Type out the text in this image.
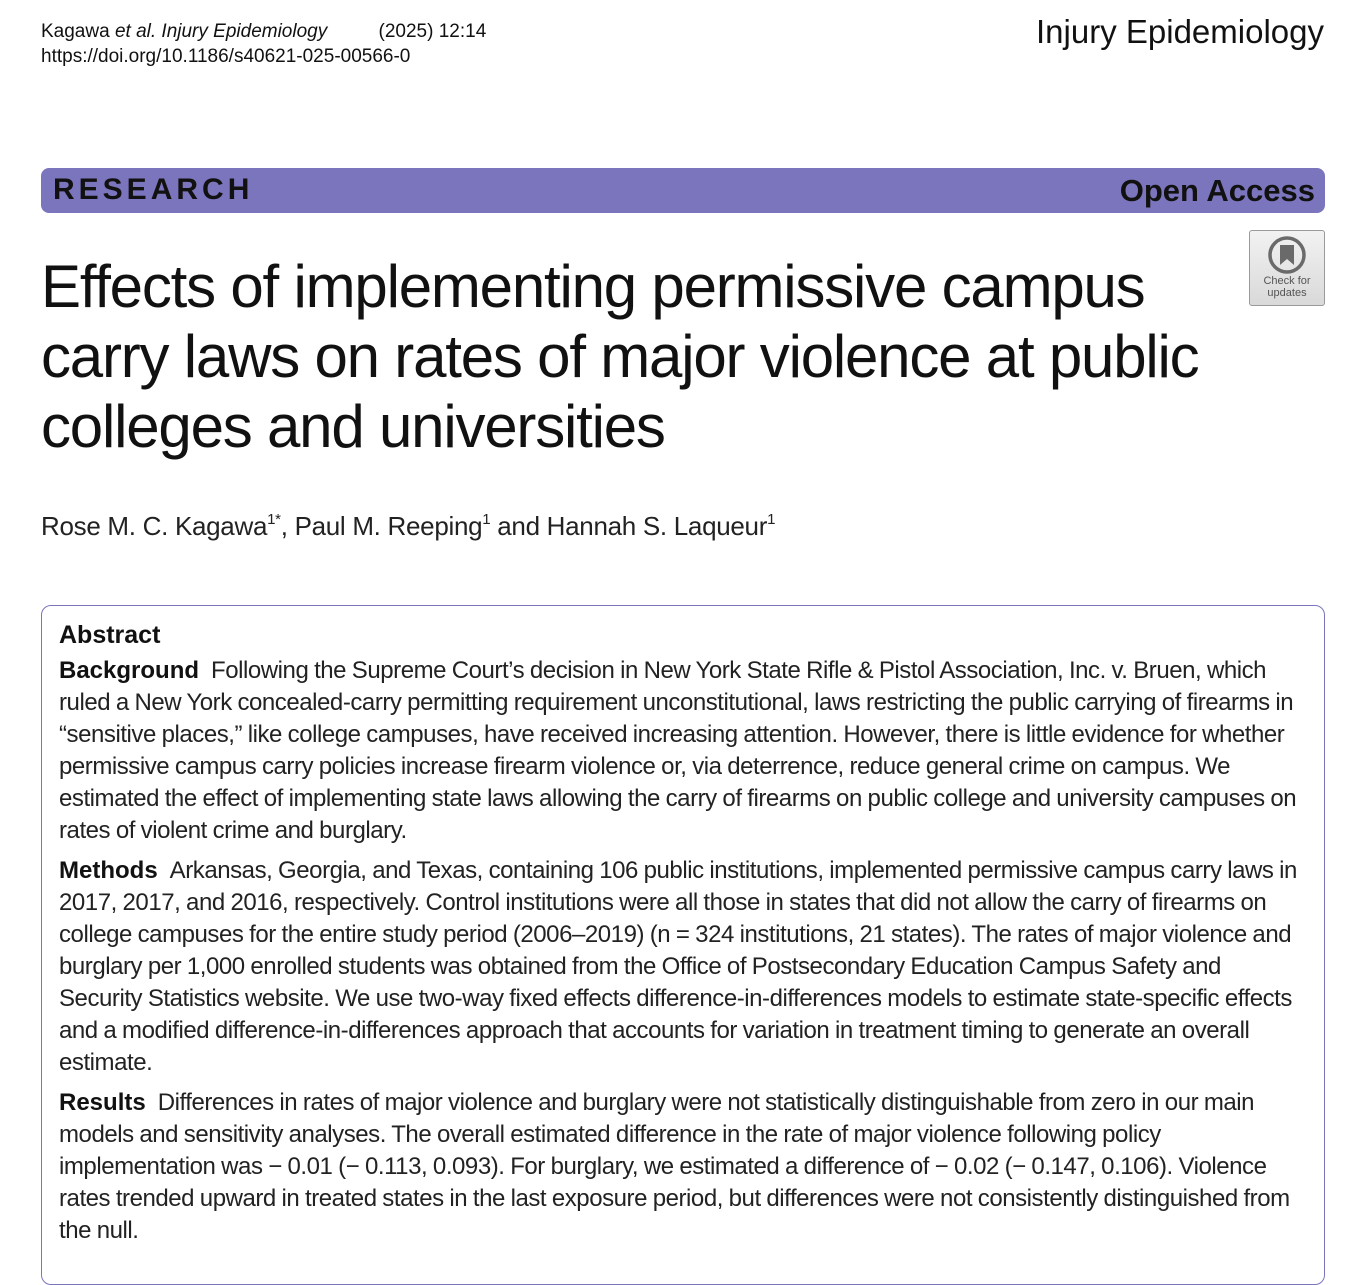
Kagawa et al. Injury Epidemiology	(2025) 12:14
https://doi.org/10.1186/s40621-025-00566-0
Injury Epidemiology
RESEARCH	Open Access
Check for
updates
Effects of implementing permissive campus carry laws on rates of major violence at public colleges and universities
Rose M. C. Kagawa$^{1*}$, Paul M. Reeping$^1$ and Hannah S. Laqueur$^1$
Abstract

Background Following the Supreme Court’s decision in New York State Rifle & Pistol Association, Inc. v. Bruen, which ruled a New York concealed-carry permitting requirement unconstitutional, laws restricting the public carrying of firearms in “sensitive places,” like college campuses, have received increasing attention. However, there is little evidence for whether permissive campus carry policies increase firearm violence or, via deterrence, reduce general crime on campus. We estimated the effect of implementing state laws allowing the carry of firearms on public college and university campuses on rates of violent crime and burglary.

Methods Arkansas, Georgia, and Texas, containing 106 public institutions, implemented permissive campus carry laws in 2017, 2017, and 2016, respectively. Control institutions were all those in states that did not allow the carry of firearms on college campuses for the entire study period (2006–2019) (n = 324 institutions, 21 states). The rates of major violence and burglary per 1,000 enrolled students was obtained from the Office of Postsecondary Education Campus Safety and Security Statistics website. We use two-way fixed effects difference-in-differences models to estimate state-specific effects and a modified difference-in-differences approach that accounts for variation in treatment timing to generate an overall estimate.

Results Differences in rates of major violence and burglary were not statistically distinguishable from zero in our main models and sensitivity analyses. The overall estimated difference in the rate of major violence following policy implementation was − 0.01 (− 0.113, 0.093). For burglary, we estimated a difference of − 0.02 (− 0.147, 0.106). Violence rates trended upward in treated states in the last exposure period, but differences were not consistently distinguished from the null.
